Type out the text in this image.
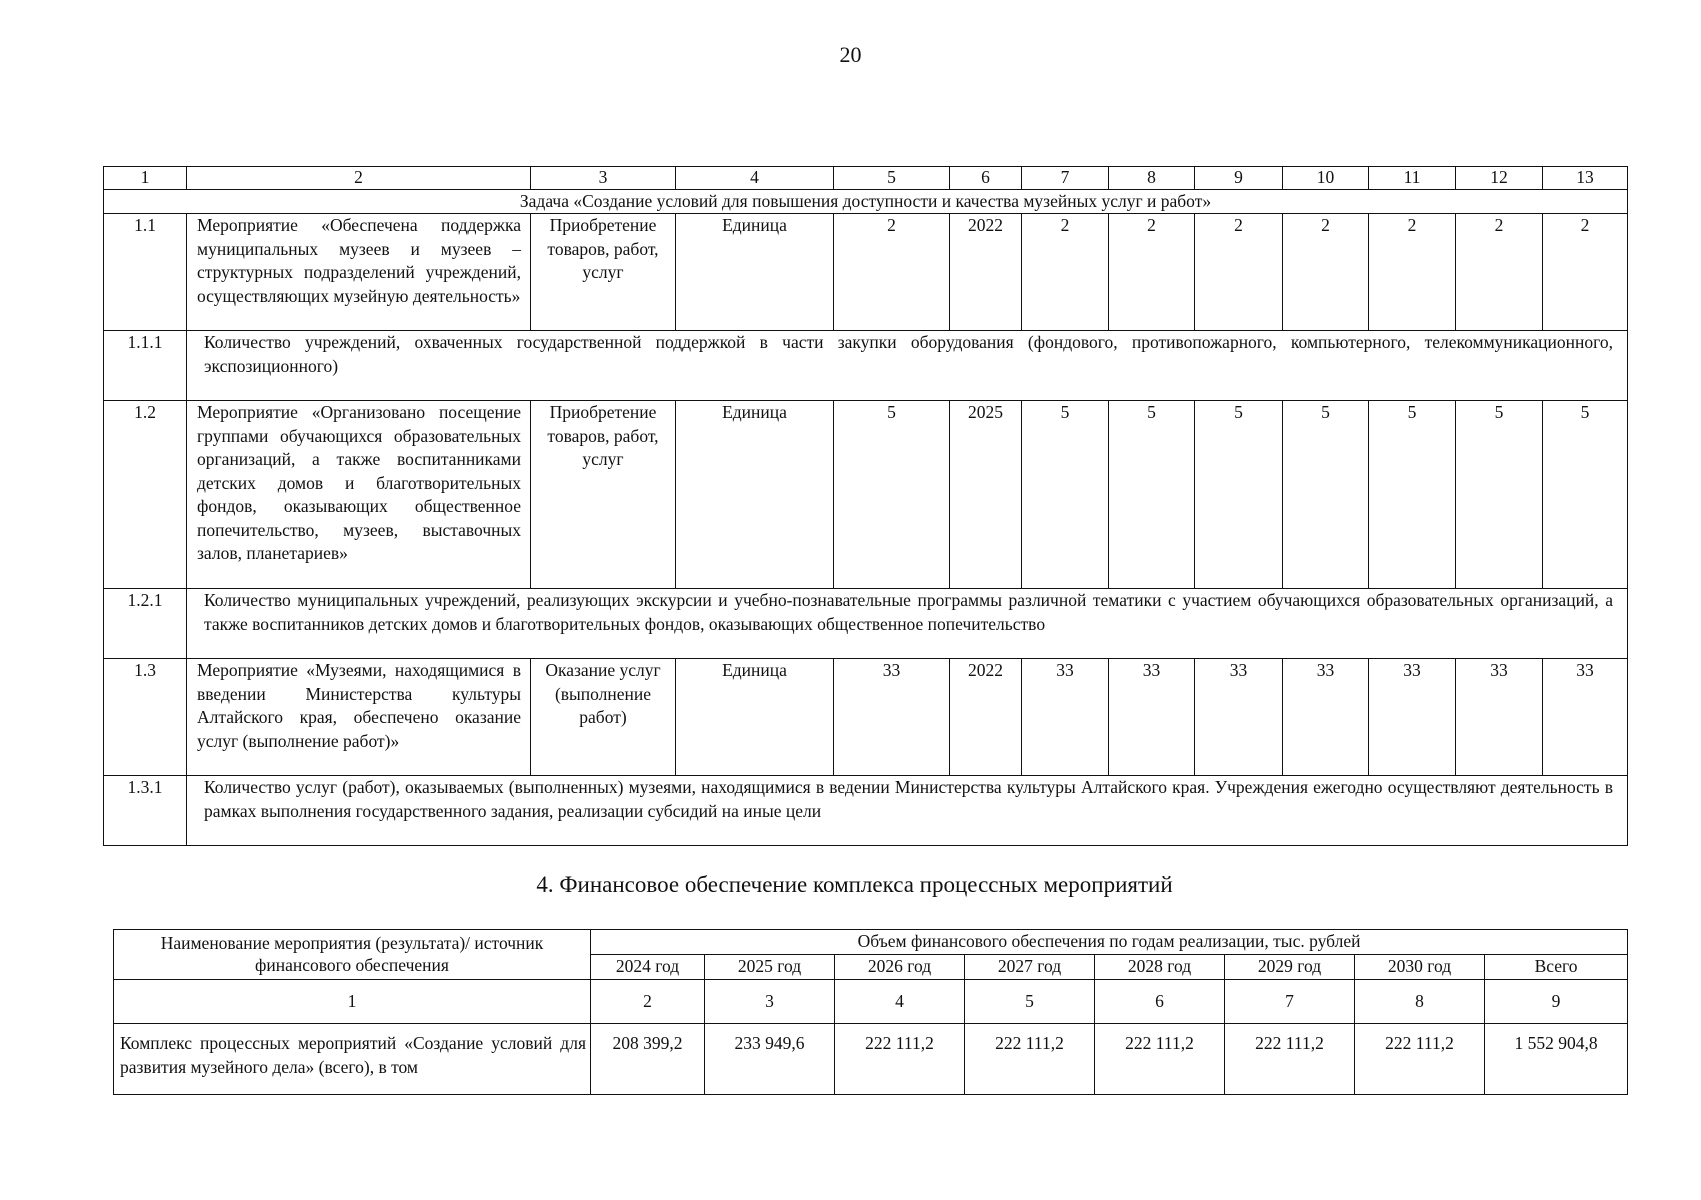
20
1	2	3	4	5	6	7	8	9	10	11	12	13
Задача «Создание условий для повышения доступности и качества музейных услуг и работ»												
1.1	Мероприятие «Обеспечена поддержка муниципальных музеев и музеев – структурных подразделений учреждений, осуществляющих музейную деятельность»	Приобретение товаров, работ, услуг	Единица	2	2022	2	2	2	2	2	2	2
1.1.1	Количество учреждений, охваченных государственной поддержкой в части закупки оборудования (фондового, противопожарного, компьютерного, телекоммуникационного, экспозиционного)											
1.2	Мероприятие «Организовано посещение группами обучающихся образовательных организаций, а также воспитанниками детских домов и благотворительных фондов, оказывающих общественное попечительство, музеев, выставочных залов, планетариев»	Приобретение товаров, работ, услуг	Единица	5	2025	5	5	5	5	5	5	5
1.2.1	Количество муниципальных учреждений, реализующих экскурсии и учебно-познавательные программы различной тематики с участием обучающихся образовательных организаций, а также воспитанников детских домов и благотворительных фондов, оказывающих общественное попечительство											
1.3	Мероприятие «Музеями, находящимися в введении Министерства культуры Алтайского края, обеспечено оказание услуг (выполнение работ)»	Оказание услуг (выполнение работ)	Единица	33	2022	33	33	33	33	33	33	33
1.3.1	Количество услуг (работ), оказываемых (выполненных) музеями, находящимися в ведении Министерства культуры Алтайского края. Учреждения ежегодно осуществляют деятельность в рамках выполнения государственного задания, реализации субсидий на иные цели											
4. Финансовое обеспечение комплекса процессных мероприятий
Наименование мероприятия (результата)/ источник финансового обеспечения	Объем финансового обеспечения по годам реализации, тыс. рублей							
	2024 год	2025 год	2026 год	2027 год	2028 год	2029 год	2030 год	Всего
1	2	3	4	5	6	7	8	9
Комплекс процессных мероприятий «Создание условий для развития музейного дела» (всего), в том	208 399,2	233 949,6	222 111,2	222 111,2	222 111,2	222 111,2	222 111,2	1 552 904,8
